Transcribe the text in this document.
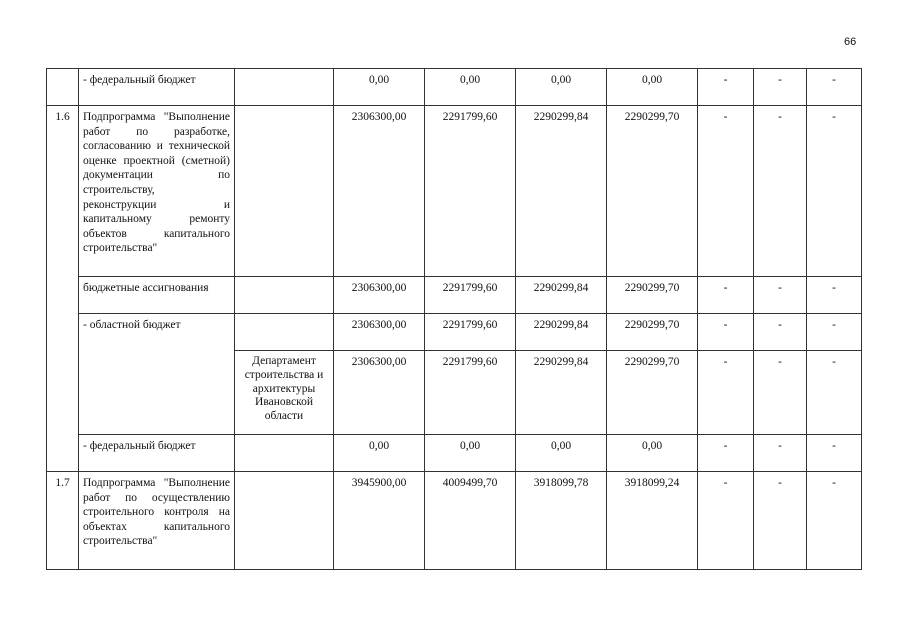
66
	- федеральный бюджет		0,00	0,00	0,00	0,00	-	-	-
1.6	Подпрограмма "Выполнение работ по разработке, согласованию и технической оценке проектной (сметной) документации по строительству, реконструкции и капитальному ремонту объектов капитального строительства"		2306300,00	2291799,60	2290299,84	2290299,70	-	-	-
	бюджетные ассигнования		2306300,00	2291799,60	2290299,84	2290299,70	-	-	-
	- областной бюджет		2306300,00	2291799,60	2290299,84	2290299,70	-	-	-
		Департамент строительства и архитектуры Ивановской области	2306300,00	2291799,60	2290299,84	2290299,70	-	-	-
	- федеральный бюджет		0,00	0,00	0,00	0,00	-	-	-
1.7	Подпрограмма "Выполнение работ по осуществлению строительного контроля на объектах капитального строительства"		3945900,00	4009499,70	3918099,78	3918099,24	-	-	-
